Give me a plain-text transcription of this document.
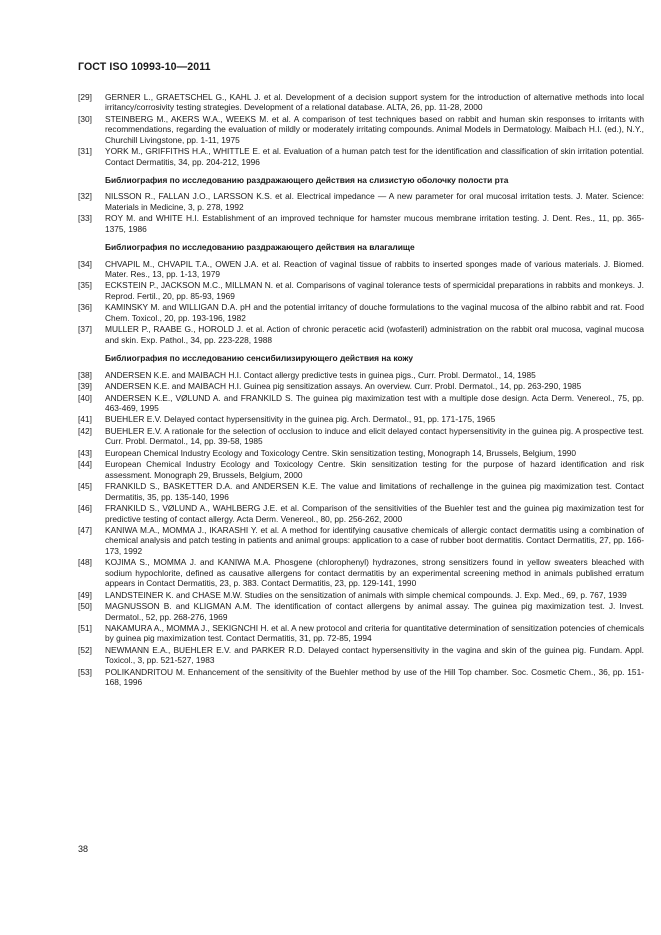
ГОСТ ISO 10993-10—2011
[29]	GERNER L., GRAETSCHEL G., KAHL J. et al. Development of a decision support system for the introduction of alternative methods into local irritancy/corrosivity testing strategies. Development of a relational database. ALTA, 26, pp. 11-28, 2000
[30]	STEINBERG M., AKERS W.A., WEEKS M. et al. A comparison of test techniques based on rabbit and human skin responses to irritants with recommendations, regarding the evaluation of mildly or moderately irritating compounds. Animal Models in Dermatology. Maibach H.I. (ed.), N.Y., Churchill Livingstone, pp. 1-11, 1975
[31]	YORK M., GRIFFITHS H.A., WHITTLE E. et al. Evaluation of a human patch test for the identification and classification of skin irritation potential. Contact Dermatitis, 34, pp. 204-212, 1996
Библиография по исследованию раздражающего действия на слизистую оболочку полости рта
[32]	NILSSON R., FALLAN J.O., LARSSON K.S. et al. Electrical impedance — A new parameter for oral mucosal irritation tests. J. Mater. Science: Materials in Medicine, 3, p. 278, 1992
[33]	ROY M. and WHITE H.I. Establishment of an improved technique for hamster mucous membrane irritation testing. J. Dent. Res., 11, pp. 365-1375, 1986
Библиография по исследованию раздражающего действия на влагалище
[34]	CHVAPIL M., CHVAPIL T.A., OWEN J.A. et al. Reaction of vaginal tissue of rabbits to inserted sponges made of various materials. J. Biomed. Mater. Res., 13, pp. 1-13, 1979
[35]	ECKSTEIN P., JACKSON M.C., MILLMAN N. et al. Comparisons of vaginal tolerance tests of spermicidal preparations in rabbits and monkeys. J. Reprod. Fertil., 20, pp. 85-93, 1969
[36]	KAMINSKY M. and WILLIGAN D.A. pH and the potential irritancy of douche formulations to the vaginal mucosa of the albino rabbit and rat. Food Chem. Toxicol., 20, pp. 193-196, 1982
[37]	MULLER P., RAABE G., HOROLD J. et al. Action of chronic peracetic acid (wofasteril) administration on the rabbit oral mucosa, vaginal mucosa and skin. Exp. Pathol., 34, pp. 223-228, 1988
Библиография по исследованию сенсибилизирующего действия на кожу
[38]	ANDERSEN K.E. and MAIBACH H.I. Contact allergy predictive tests in guinea pigs., Curr. Probl. Dermatol., 14, 1985
[39]	ANDERSEN K.E. and MAIBACH H.I. Guinea pig sensitization assays. An overview. Curr. Probl. Dermatol., 14, pp. 263-290, 1985
[40]	ANDERSEN K.E., VØLUND A. and FRANKILD S. The guinea pig maximization test with a multiple dose design. Acta Derm. Venereol., 75, pp. 463-469, 1995
[41]	BUEHLER E.V. Delayed contact hypersensitivity in the guinea pig. Arch. Dermatol., 91, pp. 171-175, 1965
[42]	BUEHLER E.V. A rationale for the selection of occlusion to induce and elicit delayed contact hypersensitivity in the guinea pig. A prospective test. Curr. Probl. Dermatol., 14, pp. 39-58, 1985
[43]	European Chemical Industry Ecology and Toxicology Centre. Skin sensitization testing, Monograph 14, Brussels, Belgium, 1990
[44]	European Chemical Industry Ecology and Toxicology Centre. Skin sensitization testing for the purpose of hazard identification and risk assessment. Monograph 29, Brussels, Belgium, 2000
[45]	FRANKILD S., BASKETTER D.A. and ANDERSEN K.E. The value and limitations of rechallenge in the guinea pig maximization test. Contact Dermatitis, 35, pp. 135-140, 1996
[46]	FRANKILD S., VØLUND A., WAHLBERG J.E. et al. Comparison of the sensitivities of the Buehler test and the guinea pig maximization test for predictive testing of contact allergy. Acta Derm. Venereol., 80, pp. 256-262, 2000
[47]	KANIWA M.A., MOMMA J., IKARASHI Y. et al. A method for identifying causative chemicals of allergic contact dermatitis using a combination of chemical analysis and patch testing in patients and animal groups: application to a case of rubber boot dermatitis. Contact Dermatitis, 27, pp. 166-173, 1992
[48]	KOJIMA S., MOMMA J. and KANIWA M.A. Phosgene (chlorophenyl) hydrazones, strong sensitizers found in yellow sweaters bleached with sodium hypochlorite, defined as causative allergens for contact dermatitis by an experimental screening method in animals published erratum appears in Contact Dermatitis, 23, p. 383. Contact Dermatitis, 23, pp. 129-141, 1990
[49]	LANDSTEINER K. and CHASE M.W. Studies on the sensitization of animals with simple chemical compounds. J. Exp. Med., 69, p. 767, 1939
[50]	MAGNUSSON B. and KLIGMAN A.M. The identification of contact allergens by animal assay. The guinea pig maximization test. J. Invest. Dermatol., 52, pp. 268-276, 1969
[51]	NAKAMURA A., MOMMA J., SEKIGNCHI H. et al. A new protocol and criteria for quantitative determination of sensitization potencies of chemicals by guinea pig maximization test. Contact Dermatitis, 31, pp. 72-85, 1994
[52]	NEWMANN E.A., BUEHLER E.V. and PARKER R.D. Delayed contact hypersensitivity in the vagina and skin of the guinea pig. Fundam. Appl. Toxicol., 3, pp. 521-527, 1983
[53]	POLIKANDRITOU M. Enhancement of the sensitivity of the Buehler method by use of the Hill Top chamber. Soc. Cosmetic Chem., 36, pp. 151-168, 1996
38
